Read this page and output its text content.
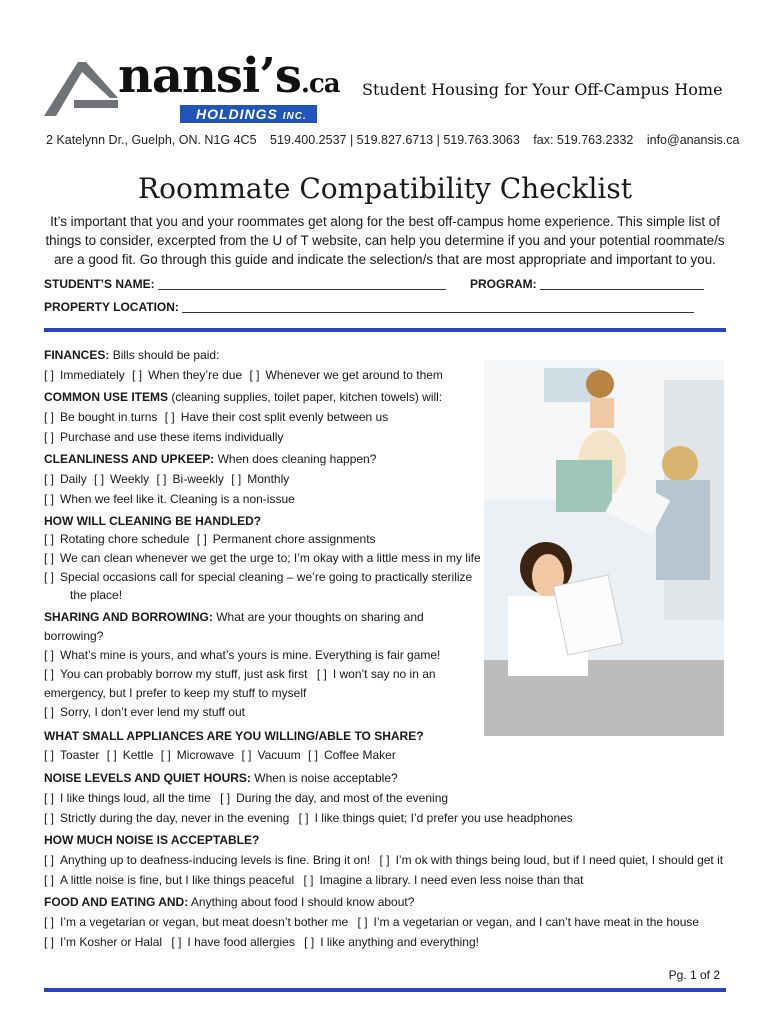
nansi’s.ca
HOLDINGS INC.
Student Housing for Your Off-Campus Home
2 Katelynn Dr., Guelph, ON. N1G 4C5 519.400.2537 | 519.827.6713 | 519.763.3063 fax: 519.763.2332 info@anansis.ca
Roommate Compatibility Checklist
It’s important that you and your roommates get along for the best off-campus home experience. This simple list of things to consider, excerpted from the U of T website, can help you determine if you and your potential roommate/s are a good fit. Go through this guide and indicate the selection/s that are most appropriate and important to you.
STUDENT’S NAME:	PROGRAM:
PROPERTY LOCATION:
FINANCES: Bills should be paid:
[ ] Immediately [ ] When they’re due [ ] Whenever we get around to them
COMMON USE ITEMS (cleaning supplies, toilet paper, kitchen towels) will:
[ ] Be bought in turns [ ] Have their cost split evenly between us
[ ] Purchase and use these items individually
CLEANLINESS AND UPKEEP: When does cleaning happen?
[ ] Daily [ ] Weekly [ ] Bi-weekly [ ] Monthly
[ ] When we feel like it. Cleaning is a non-issue
HOW WILL CLEANING BE HANDLED?
[ ] Rotating chore schedule [ ] Permanent chore assignments
[ ] We can clean whenever we get the urge to; I’m okay with a little mess in my life
[ ] Special occasions call for special cleaning – we’re going to practically sterilize
the place!
SHARING AND BORROWING: What are your thoughts on sharing and
borrowing?
[ ] What’s mine is yours, and what’s yours is mine. Everything is fair game!
[ ] You can probably borrow my stuff, just ask first [ ] I won’t say no in an
emergency, but I prefer to keep my stuff to myself
[ ] Sorry, I don’t ever lend my stuff out
WHAT SMALL APPLIANCES ARE YOU WILLING/ABLE TO SHARE?
[ ] Toaster [ ] Kettle [ ] Microwave [ ] Vacuum [ ] Coffee Maker
NOISE LEVELS AND QUIET HOURS: When is noise acceptable?
[ ] I like things loud, all the time [ ] During the day, and most of the evening
[ ] Strictly during the day, never in the evening [ ] I like things quiet; I’d prefer you use headphones
HOW MUCH NOISE IS ACCEPTABLE?
[ ] Anything up to deafness-inducing levels is fine. Bring it on! [ ] I’m ok with things being loud, but if I need quiet, I should get it
[ ] A little noise is fine, but I like things peaceful [ ] Imagine a library. I need even less noise than that
FOOD AND EATING AND: Anything about food I should know about?
[ ] I’m a vegetarian or vegan, but meat doesn’t bother me [ ] I’m a vegetarian or vegan, and I can’t have meat in the house
[ ] I’m Kosher or Halal [ ] I have food allergies [ ] I like anything and everything!
Pg. 1 of 2
